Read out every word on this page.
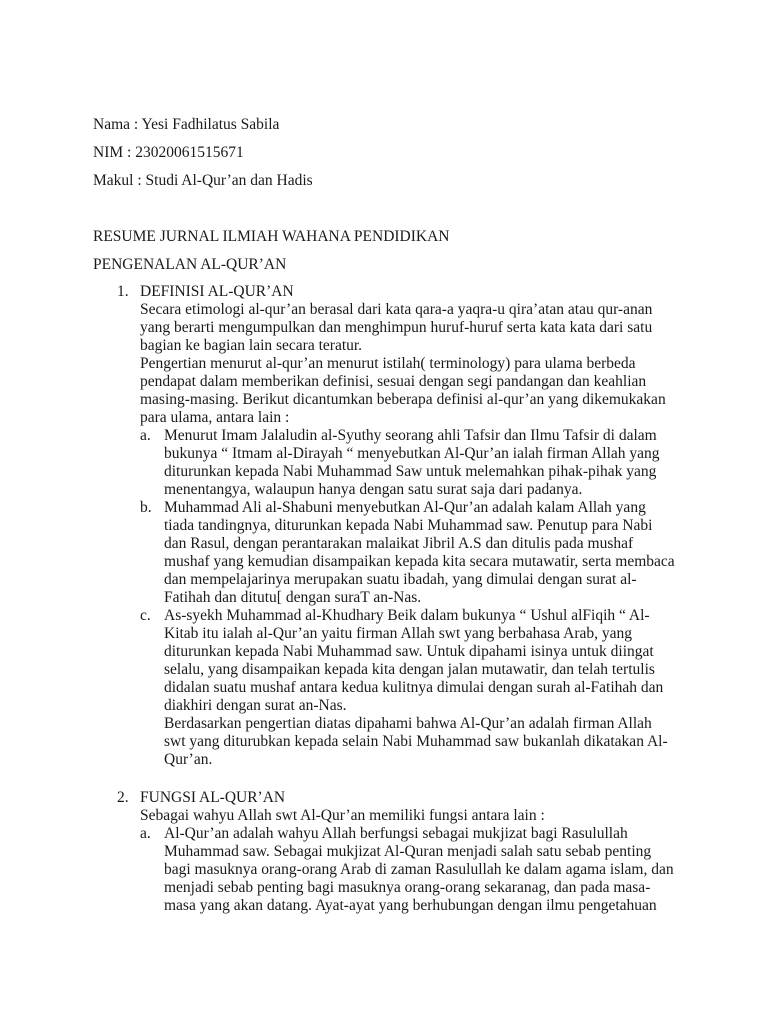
Nama : Yesi Fadhilatus Sabila
NIM : 23020061515671
Makul : Studi Al-Qur’an dan Hadis
RESUME JURNAL ILMIAH WAHANA PENDIDIKAN
PENGENALAN AL-QUR’AN
1. DEFINISI AL-QUR’AN
Secara etimologi al-qur’an berasal dari kata qara-a yaqra-u qira’atan atau qur-anan
yang berarti mengumpulkan dan menghimpun huruf-huruf serta kata kata dari satu
bagian ke bagian lain secara teratur.
Pengertian menurut al-qur’an menurut istilah( terminology) para ulama berbeda
pendapat dalam memberikan definisi, sesuai dengan segi pandangan dan keahlian
masing-masing. Berikut dicantumkan beberapa definisi al-qur’an yang dikemukakan
para ulama, antara lain :
a. Menurut Imam Jalaludin al-Syuthy seorang ahli Tafsir dan Ilmu Tafsir di dalam
bukunya “ Itmam al-Dirayah “ menyebutkan Al-Qur’an ialah firman Allah yang
diturunkan kepada Nabi Muhammad Saw untuk melemahkan pihak-pihak yang
menentangya, walaupun hanya dengan satu surat saja dari padanya.
b. Muhammad Ali al-Shabuni menyebutkan Al-Qur’an adalah kalam Allah yang
tiada tandingnya, diturunkan kepada Nabi Muhammad saw. Penutup para Nabi
dan Rasul, dengan perantarakan malaikat Jibril A.S dan ditulis pada mushaf
mushaf yang kemudian disampaikan kepada kita secara mutawatir, serta membaca
dan mempelajarinya merupakan suatu ibadah, yang dimulai dengan surat al-
Fatihah dan ditutu[ dengan suraT an-Nas.
c. As-syekh Muhammad al-Khudhary Beik dalam bukunya “ Ushul alFiqih “ Al-
Kitab itu ialah al-Qur’an yaitu firman Allah swt yang berbahasa Arab, yang
diturunkan kepada Nabi Muhammad saw. Untuk dipahami isinya untuk diingat
selalu, yang disampaikan kepada kita dengan jalan mutawatir, dan telah tertulis
didalan suatu mushaf antara kedua kulitnya dimulai dengan surah al-Fatihah dan
diakhiri dengan surat an-Nas.
Berdasarkan pengertian diatas dipahami bahwa Al-Qur’an adalah firman Allah
swt yang diturubkan kepada selain Nabi Muhammad saw bukanlah dikatakan Al-
Qur’an.
2. FUNGSI AL-QUR’AN
Sebagai wahyu Allah swt Al-Qur’an memiliki fungsi antara lain :
a. Al-Qur’an adalah wahyu Allah berfungsi sebagai mukjizat bagi Rasulullah
Muhammad saw. Sebagai mukjizat Al-Quran menjadi salah satu sebab penting
bagi masuknya orang-orang Arab di zaman Rasulullah ke dalam agama islam, dan
menjadi sebab penting bagi masuknya orang-orang sekaranag, dan pada masa-
masa yang akan datang. Ayat-ayat yang berhubungan dengan ilmu pengetahuan
